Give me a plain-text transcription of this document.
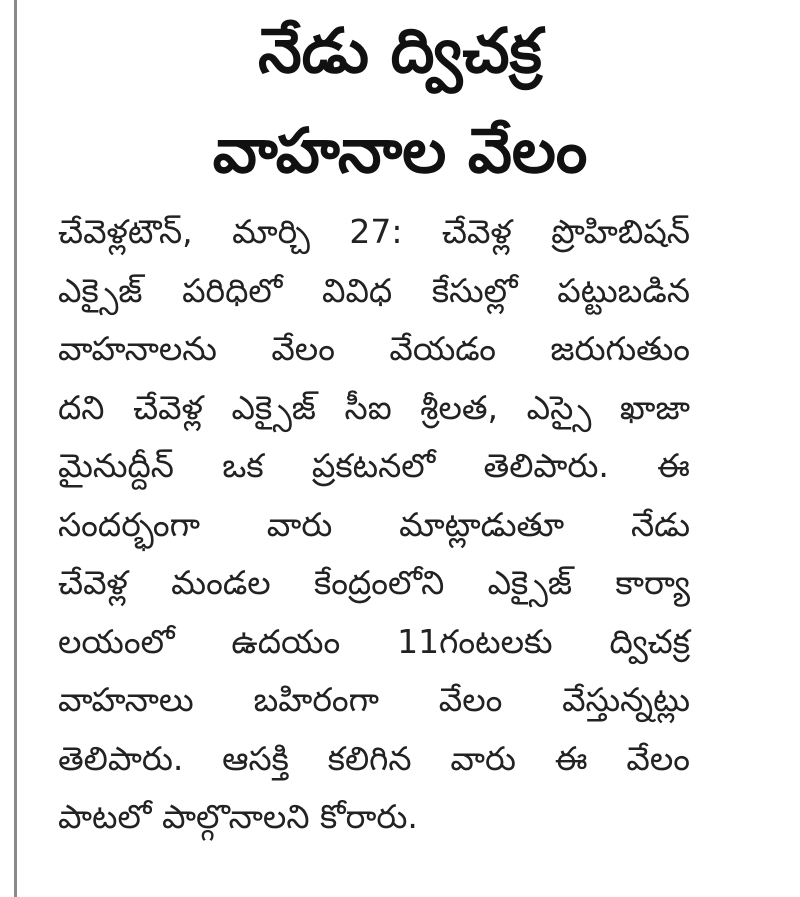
నేడు ద్విచక్ర
వాహనాల వేలం
చేవెళ్లటౌన్, మార్చి 27: చేవెళ్ల ప్రొహిబిషన్
ఎక్సైజ్ పరిధిలో వివిధ కేసుల్లో పట్టుబడిన
వాహనాలను వేలం వేయడం జరుగుతుం
దని చేవెళ్ల ఎక్సైజ్ సీఐ శ్రీలత, ఎస్సై ఖాజా
మైనుద్దీన్ ఒక ప్రకటనలో తెలిపారు. ఈ
సందర్భంగా వారు మాట్లాడుతూ నేడు
చేవెళ్ల మండల కేంద్రంలోని ఎక్సైజ్ కార్యా
లయంలో ఉదయం 11గంటలకు ద్విచక్ర
వాహనాలు బహిరంగా వేలం వేస్తున్నట్లు
తెలిపారు. ఆసక్తి కలిగిన వారు ఈ వేలం
పాటలో పాల్గొనాలని కోరారు.
